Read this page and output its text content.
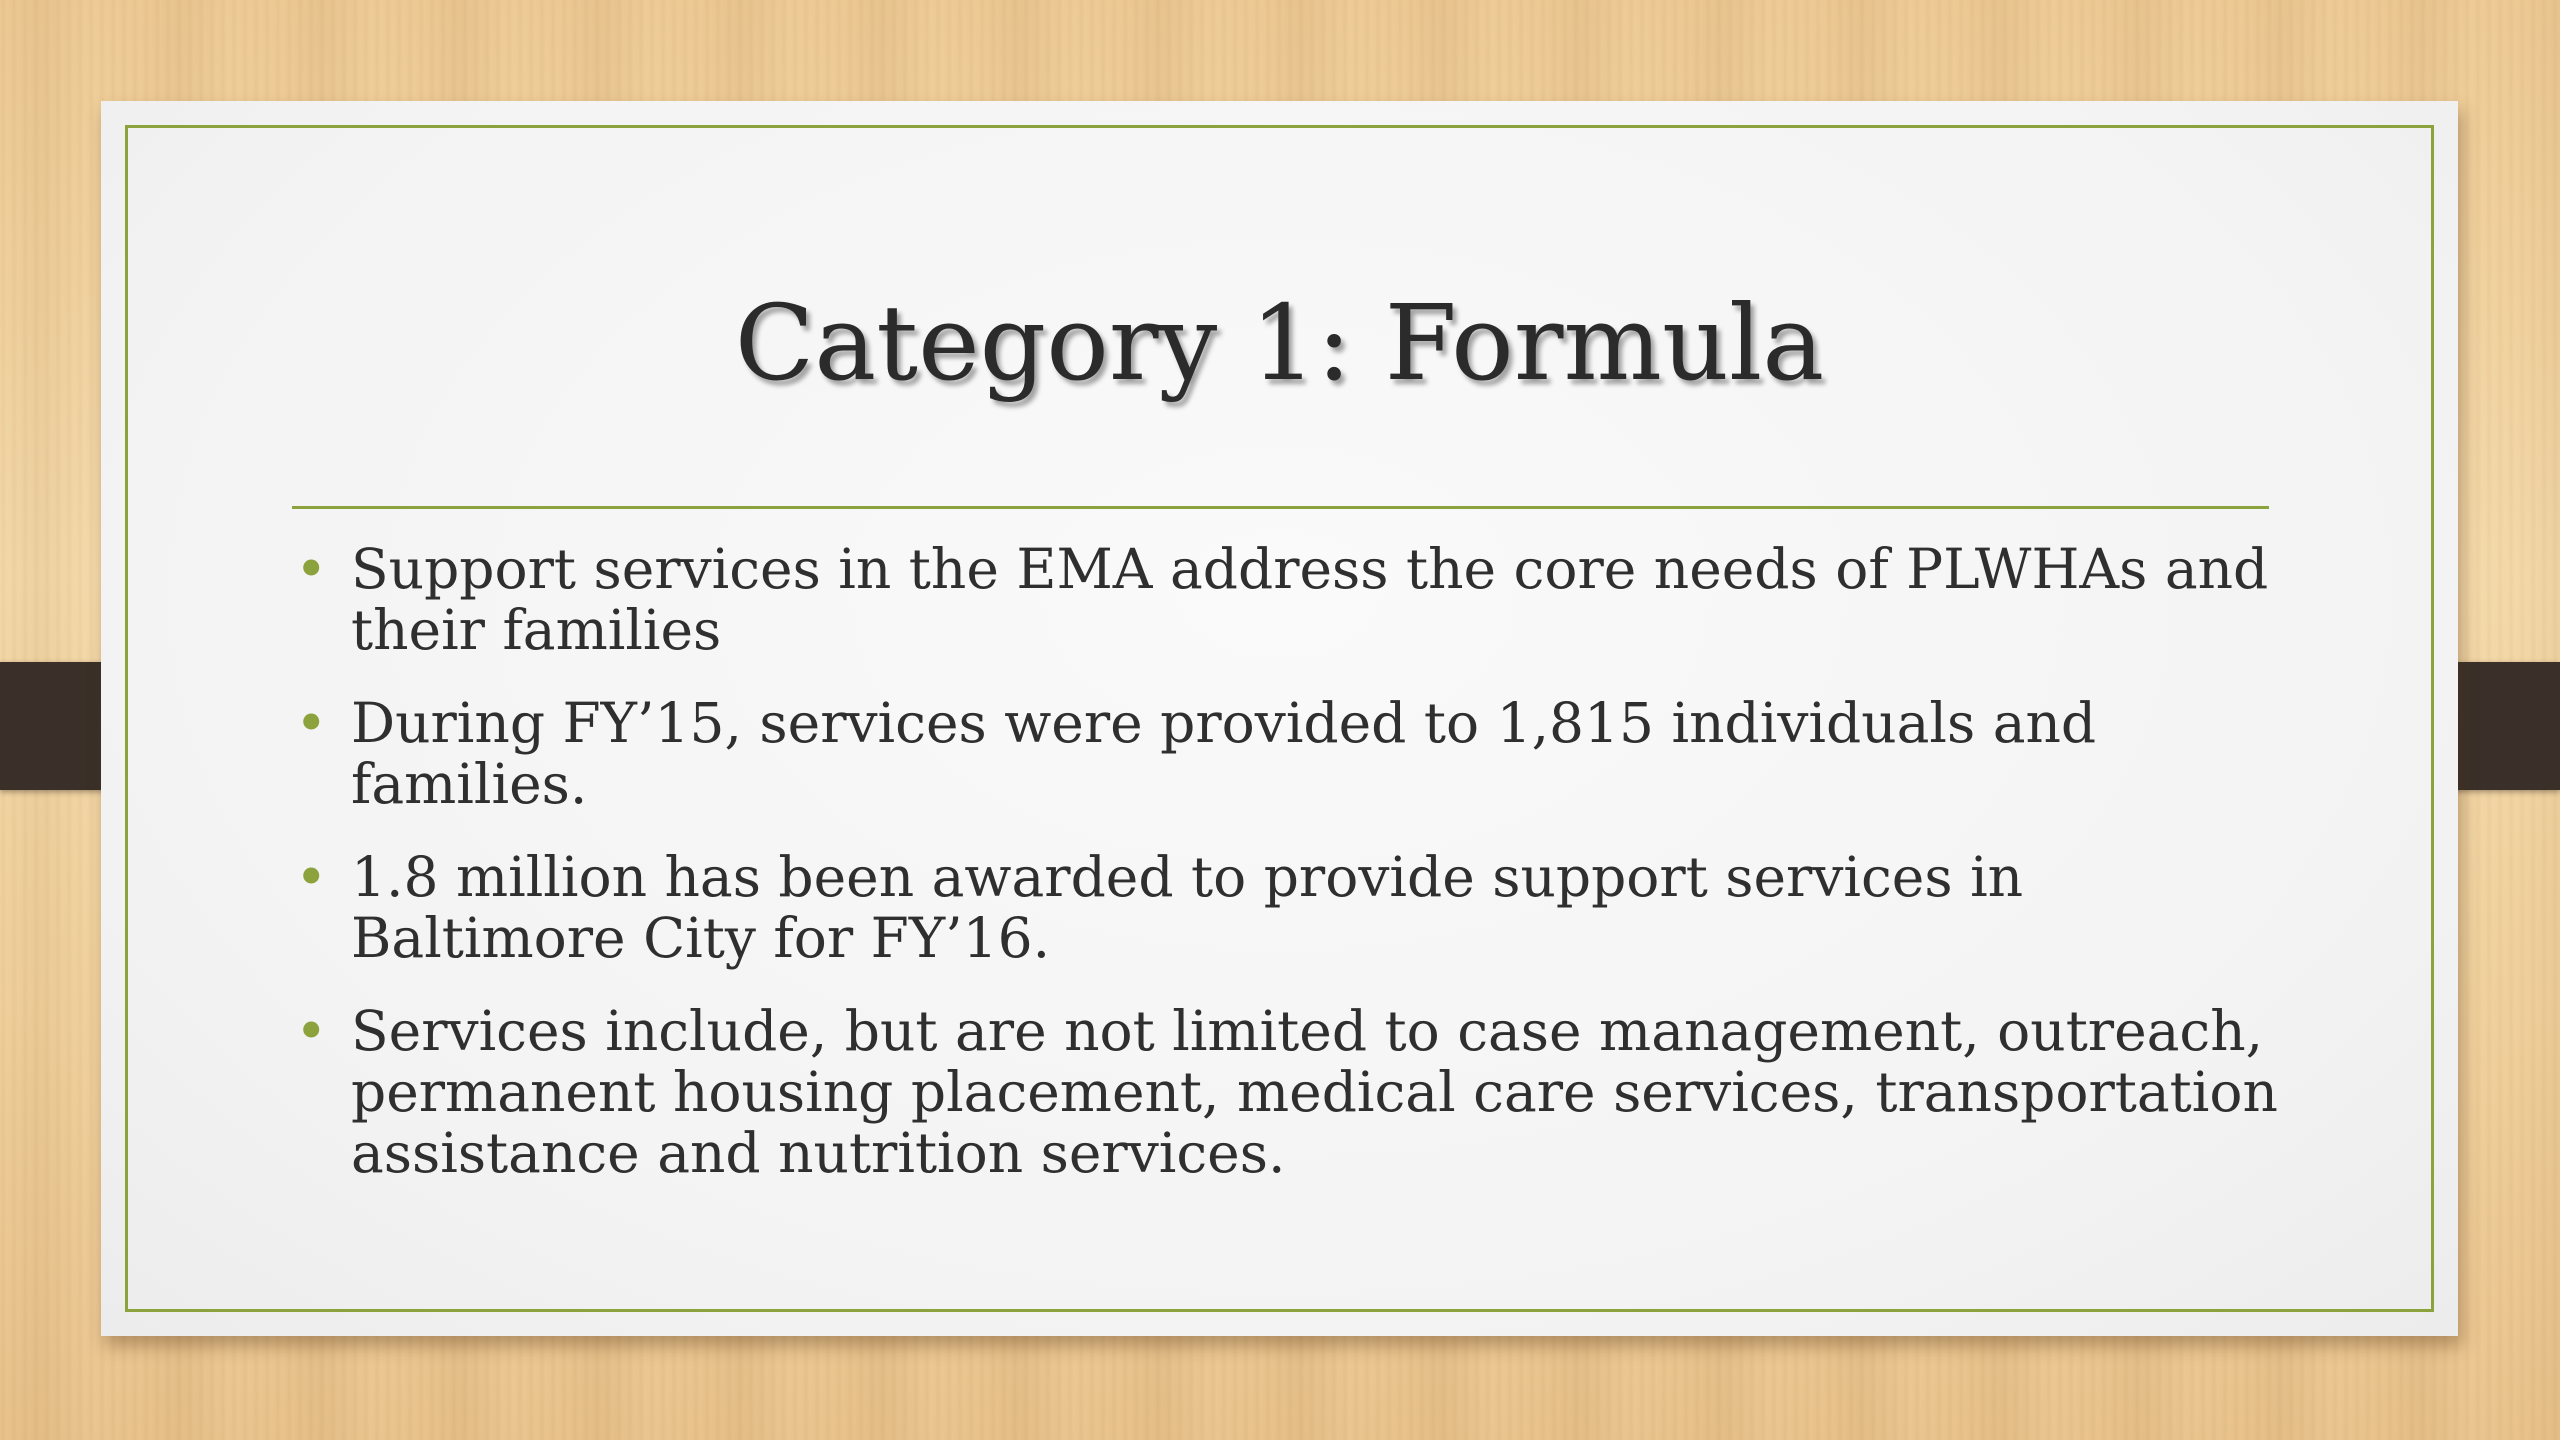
Category 1: Formula
• Support services in the EMA address the core needs of PLWHAs and their families
• During FY’15, services were provided to 1,815 individuals and families.
• 1.8 million has been awarded to provide support services in Baltimore City for FY’16.
• Services include, but are not limited to case management, outreach, permanent housing placement, medical care services, transportation assistance and nutrition services.
